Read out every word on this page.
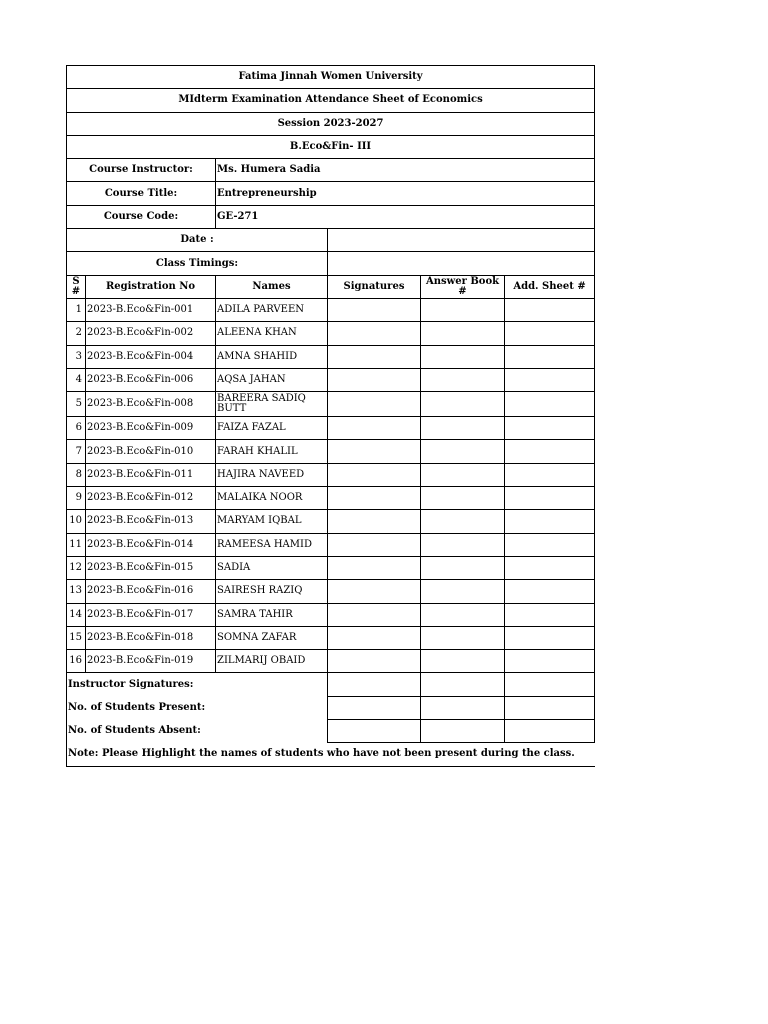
Fatima Jinnah Women University					
MIdterm Examination Attendance Sheet of Economics					
Session 2023-2027					
B.Eco&Fin- III					
Course Instructor:		Ms. Humera Sadia			
Course Title:		Entrepreneurship			
Course Code:		GE-271			
Date :					
Class Timings:					
S #	Registration No	Names	Signatures	Answer Book #	Add. Sheet #
1	2023-B.Eco&Fin-001	ADILA PARVEEN			
2	2023-B.Eco&Fin-002	ALEENA KHAN			
3	2023-B.Eco&Fin-004	AMNA SHAHID			
4	2023-B.Eco&Fin-006	AQSA JAHAN			
5	2023-B.Eco&Fin-008	BAREERA SADIQ BUTT			
6	2023-B.Eco&Fin-009	FAIZA FAZAL			
7	2023-B.Eco&Fin-010	FARAH KHALIL			
8	2023-B.Eco&Fin-011	HAJIRA NAVEED			
9	2023-B.Eco&Fin-012	MALAIKA NOOR			
10	2023-B.Eco&Fin-013	MARYAM IQBAL			
11	2023-B.Eco&Fin-014	RAMEESA HAMID			
12	2023-B.Eco&Fin-015	SADIA			
13	2023-B.Eco&Fin-016	SAIRESH RAZIQ			
14	2023-B.Eco&Fin-017	SAMRA TAHIR			
15	2023-B.Eco&Fin-018	SOMNA ZAFAR			
16	2023-B.Eco&Fin-019	ZILMARIJ OBAID			
Instructor Signatures:					
No. of Students Present:					
No. of Students Absent:					
Note: Please Highlight the names of students who have not been present during the class.					
